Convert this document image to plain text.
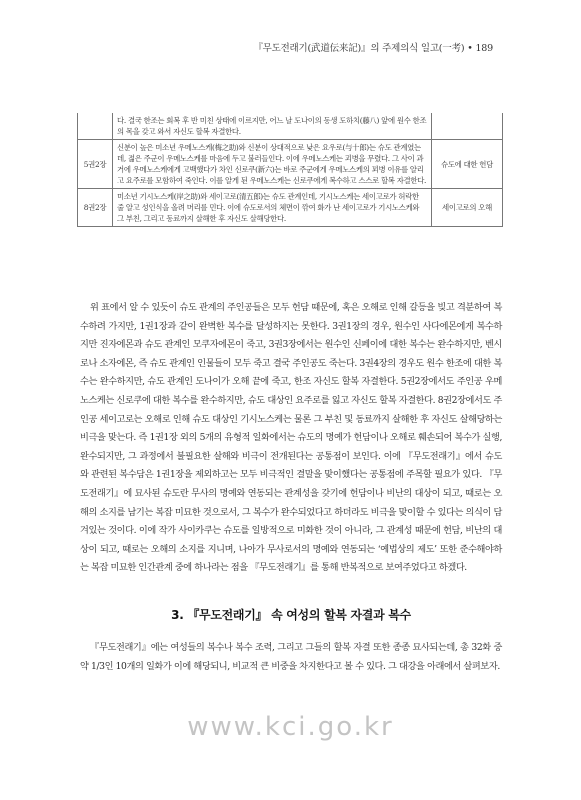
『무도전래기(武道伝来記)』의 주제의식 일고(一考) • 189
	다. 결국 한조는 회복 후 반 미친 상태에 이르지만, 어느 날 도나이의 동생 도하치(藤八) 앞에 원수 한조의 목을 갖고 와서 자신도 할복 자결한다.	
5권2장	신분이 높은 미소년 우메노스케(梅之助)와 신분이 상대적으로 낮은 요우로(与十郎)는 슈도 관계였는데, 젊은 주군이 우메노스케를 마음에 두고 불러들인다. 이에 우메노스케는 괴병을 무렸다. 그 사이 과거에 우메노스케에게 고백했다가 차인 신로쿠(新六)는 바로 주군에게 우메노스케의 꾀병 이유를 알리고 요주로를 모함하여 죽인다. 이를 알게 된 우메노스케는 신로쿠에게 복수하고 스스로 할복 자결한다.	슈도에 대한 헌담
8권2장	미소년 기시노스케(岸之助)와 세이고로(清五郎)는 슈도 관계인데, 기시노스케는 세이고로가 허락한 줄 알고 성인식을 올려 머리를 민다. 이에 슈도로서의 체면이 깎여 화가 난 세이고로가 기시노스케와 그 부친, 그리고 동료까지 살해한 후 자신도 살해당한다.	세이고로의 오해

위 표에서 알 수 있듯이 슈도 관계의 주인공들은 모두 헌담 때문에, 혹은 오해로 인해 갈등을 빚고 격분하여 복수하려 가지만, 1권1장과 같이 완벽한 복수를 달성하지는 못한다. 3권1장의 경우, 원수인 사다에몬에게 복수하지만 진자에몬과 슈도 관계인 모쿠자에몬이 죽고, 3권3장에서는 원수인 신페이에 대한 복수는 완수하지만, 벤시로나 소자에몬, 즉 슈도 관계인 인물들이 모두 죽고 결국 주인공도 죽는다. 3권4장의 경우도 원수 한조에 대한 복수는 완수하지만, 슈도 관계인 도나이가 오해 끝에 죽고, 한조 자신도 할복 자결한다. 5권2장에서도 주인공 우메노스케는 신로쿠에 대한 복수를 완수하지만, 슈도 대상인 요주로를 잃고 자신도 할복 자결한다. 8권2장에서도 주인공 세이고로는 오해로 인해 슈도 대상인 기시노스케는 물론 그 부친 및 동료까지 살해한 후 자신도 살해당하는 비극을 맞는다. 즉 1권1장 외의 5개의 유형적 일화에서는 슈도의 명예가 헌담이나 오해로 훼손되어 복수가 실행, 완수되지만, 그 과정에서 불필요한 살해와 비극이 전개된다는 공통점이 보인다. 이에 『무도전래기』에서 슈도와 관련된 복수담은 1권1장을 제외하고는 모두 비극적인 결말을 맞이했다는 공통점에 주목할 필요가 있다. 『무도전래기』에 묘사된 슈도란 무사의 명예와 연동되는 관계성을 갖기에 헌담이나 비난의 대상이 되고, 때로는 오해의 소지를 남기는 복잡 미묘한 것으로서, 그 복수가 완수되었다고 하더라도 비극을 맞이할 수 있다는 의식이 담겨있는 것이다. 이에 작가 사이카쿠는 슈도를 일방적으로 미화한 것이 아니라, 그 관계성 때문에 헌담, 비난의 대상이 되고, 때로는 오해의 소지를 지니며, 나아가 무사로서의 명예와 연동되는 ‘예법상의 제도’ 또한 준수해야하는 복잡 미묘한 인간관계 중에 하나라는 점을 『무도전래기』를 통해 반복적으로 보여주었다고 하겠다.

3. 『무도전래기』 속 여성의 할복 자결과 복수

『무도전래기』에는 여성들의 복수나 복수 조력, 그리고 그들의 할복 자결 또한 종종 묘사되는데, 총 32화 중 약 1/3인 10개의 일화가 이에 해당되니, 비교적 큰 비중을 차지한다고 볼 수 있다. 그 대강을 아래에서 살펴보자.

www.kci.go.kr
